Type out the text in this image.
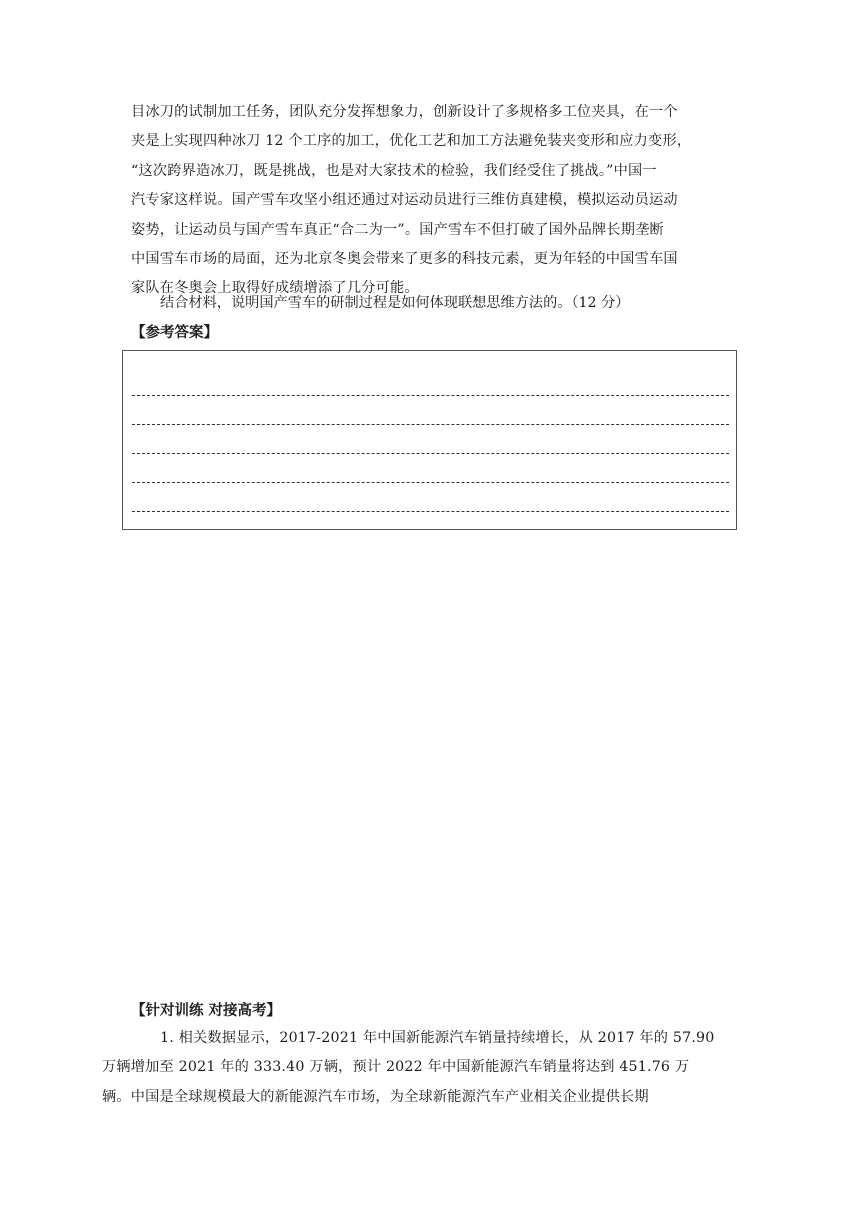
目冰刀的试制加工任务，团队充分发挥想象力，创新设计了多规格多工位夹具，在一个
夹是上实现四种冰刀 12 个工序的加工，优化工艺和加工方法避免装夹变形和应力变形，
“这次跨界造冰刀，既是挑战，也是对大家技术的检验，我们经受住了挑战。”中国一
汽专家这样说。国产雪车攻坚小组还通过对运动员进行三维仿真建模，模拟运动员运动
姿势，让运动员与国产雪车真正“合二为一”。国产雪车不但打破了国外品牌长期垄断
中国雪车市场的局面，还为北京冬奥会带来了更多的科技元素，更为年轻的中国雪车国
家队在冬奥会上取得好成绩增添了几分可能。

结合材料，说明国产雪车的研制过程是如何体现联想思维方法的。（12 分）

【参考答案】

【针对训练 对接高考】

1. 相关数据显示，2017-2021 年中国新能源汽车销量持续增长，从 2017 年的 57.90
万辆增加至 2021 年的 333.40 万辆，预计 2022 年中国新能源汽车销量将达到 451.76 万
辆。中国是全球规模最大的新能源汽车市场，为全球新能源汽车产业相关企业提供长期
